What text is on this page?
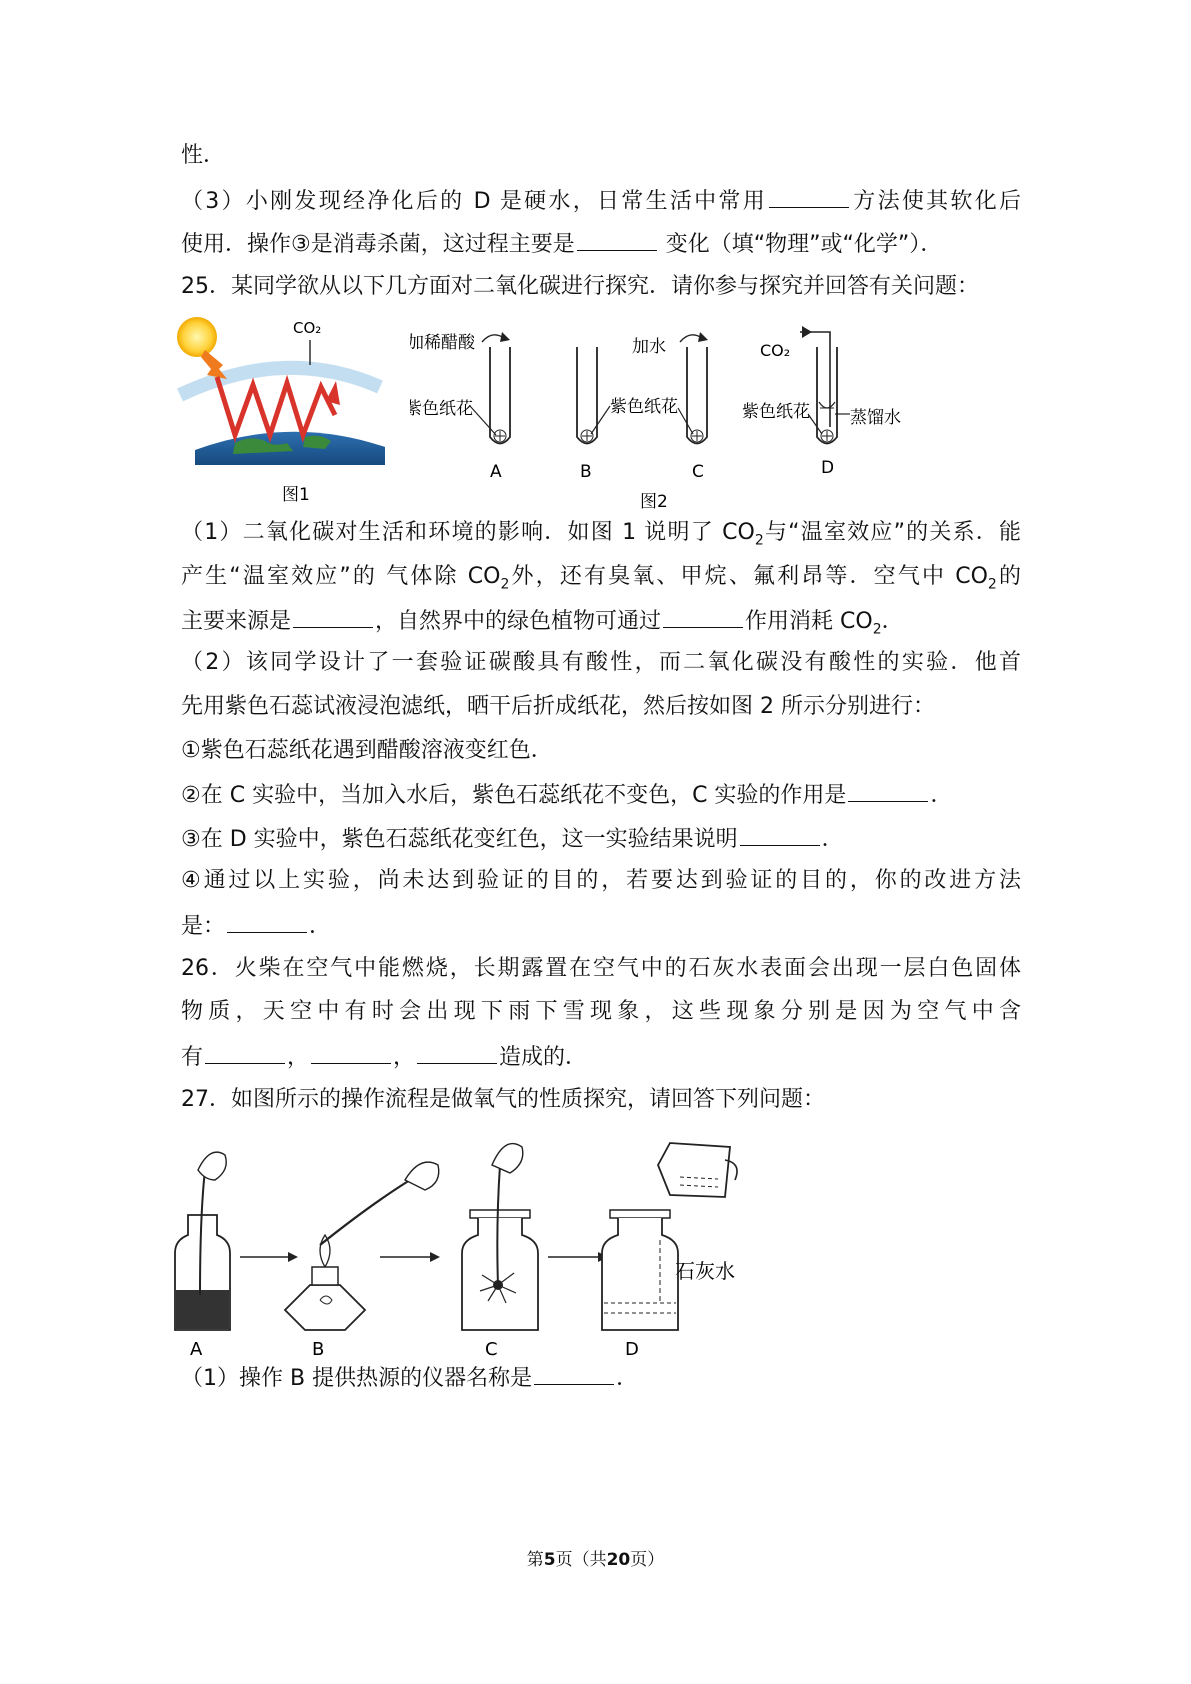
性．
（3）小刚发现经净化后的 D 是硬水，日常生活中常用	方法使其软化后
使用．操作③是消毒杀菌，这过程主要是	变化（填“物理”或“化学”）．
25．某同学欲从以下几方面对二氧化碳进行探究．请你参与探究并回答有关问题：
CO₂
图1
加稀醋酸
紫色纸花
A
紫色纸花
B
加水
C
CO₂
紫色纸花 蒸馏水
D
图2
（1）二氧化碳对生活和环境的影响．如图 1 说明了 $CO_2$与“温室效应”的关系．能
产生“温室效应”的 气体除 $CO_2$外，还有臭氧、甲烷、氟利昂等．空气中 $CO_2$的
主要来源是	，自然界中的绿色植物可通过	作用消耗 $CO_2$．
（2）该同学设计了一套验证碳酸具有酸性，而二氧化碳没有酸性的实验．他首
先用紫色石蕊试液浸泡滤纸，晒干后折成纸花，然后按如图 2 所示分别进行：
①紫色石蕊纸花遇到醋酸溶液变红色．
②在 C 实验中，当加入水后，紫色石蕊纸花不变色，C 实验的作用是	．
③在 D 实验中，紫色石蕊纸花变红色，这一实验结果说明	．
④通过以上实验，尚未达到验证的目的，若要达到验证的目的，你的改进方法
是：	．
26．火柴在空气中能燃烧，长期露置在空气中的石灰水表面会出现一层白色固体
物质，天空中有时会出现下雨下雪现象，这些现象分别是因为空气中含
有	，	，	造成的．
27．如图所示的操作流程是做氧气的性质探究，请回答下列问题：
石灰水
A	B	C	D
（1）操作 B 提供热源的仪器名称是	．
第5页（共20页）
